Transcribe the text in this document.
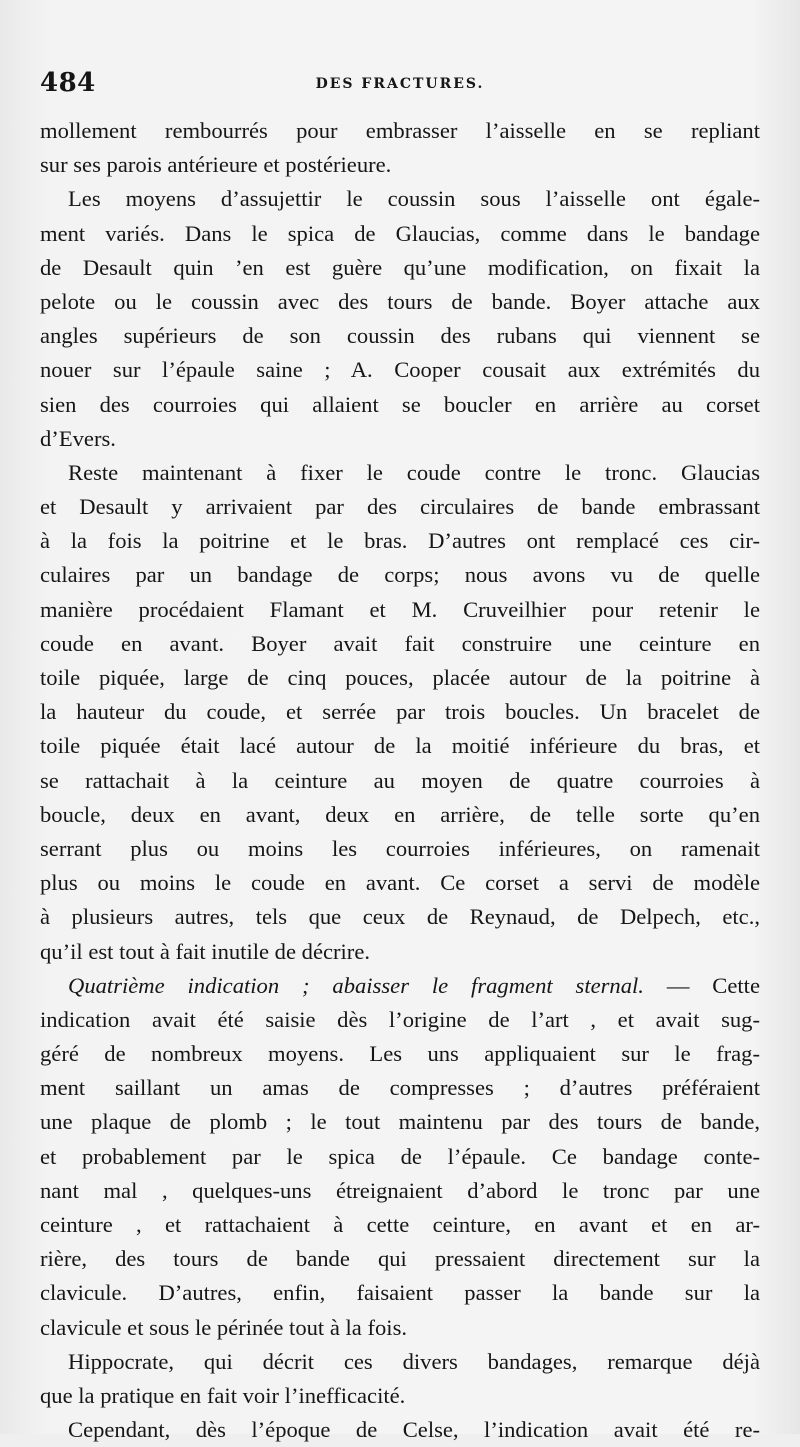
484	DES FRACTURES.
mollement rembourrés pour embrasser l’aisselle en se repliant
sur ses parois antérieure et postérieure.
Les moyens d’assujettir le coussin sous l’aisselle ont égale-
ment variés. Dans le spica de Glaucias, comme dans le bandage
de Desault quin ’en est guère qu’une modification, on fixait la
pelote ou le coussin avec des tours de bande. Boyer attache aux
angles supérieurs de son coussin des rubans qui viennent se
nouer sur l’épaule saine ; A. Cooper cousait aux extrémités du
sien des courroies qui allaient se boucler en arrière au corset
d’Evers.
Reste maintenant à fixer le coude contre le tronc. Glaucias
et Desault y arrivaient par des circulaires de bande embrassant
à la fois la poitrine et le bras. D’autres ont remplacé ces cir-
culaires par un bandage de corps; nous avons vu de quelle
manière procédaient Flamant et M. Cruveilhier pour retenir le
coude en avant. Boyer avait fait construire une ceinture en
toile piquée, large de cinq pouces, placée autour de la poitrine à
la hauteur du coude, et serrée par trois boucles. Un bracelet de
toile piquée était lacé autour de la moitié inférieure du bras, et
se rattachait à la ceinture au moyen de quatre courroies à
boucle, deux en avant, deux en arrière, de telle sorte qu’en
serrant plus ou moins les courroies inférieures, on ramenait
plus ou moins le coude en avant. Ce corset a servi de modèle
à plusieurs autres, tels que ceux de Reynaud, de Delpech, etc.,
qu’il est tout à fait inutile de décrire.
Quatrième indication ; abaisser le fragment sternal. — Cette
indication avait été saisie dès l’origine de l’art , et avait sug-
géré de nombreux moyens. Les uns appliquaient sur le frag-
ment saillant un amas de compresses ; d’autres préféraient
une plaque de plomb ; le tout maintenu par des tours de bande,
et probablement par le spica de l’épaule. Ce bandage conte-
nant mal , quelques-uns étreignaient d’abord le tronc par une
ceinture , et rattachaient à cette ceinture, en avant et en ar-
rière, des tours de bande qui pressaient directement sur la
clavicule. D’autres, enfin, faisaient passer la bande sur la
clavicule et sous le périnée tout à la fois.
Hippocrate, qui décrit ces divers bandages, remarque déjà
que la pratique en fait voir l’inefficacité.
Cependant, dès l’époque de Celse, l’indication avait été re-
